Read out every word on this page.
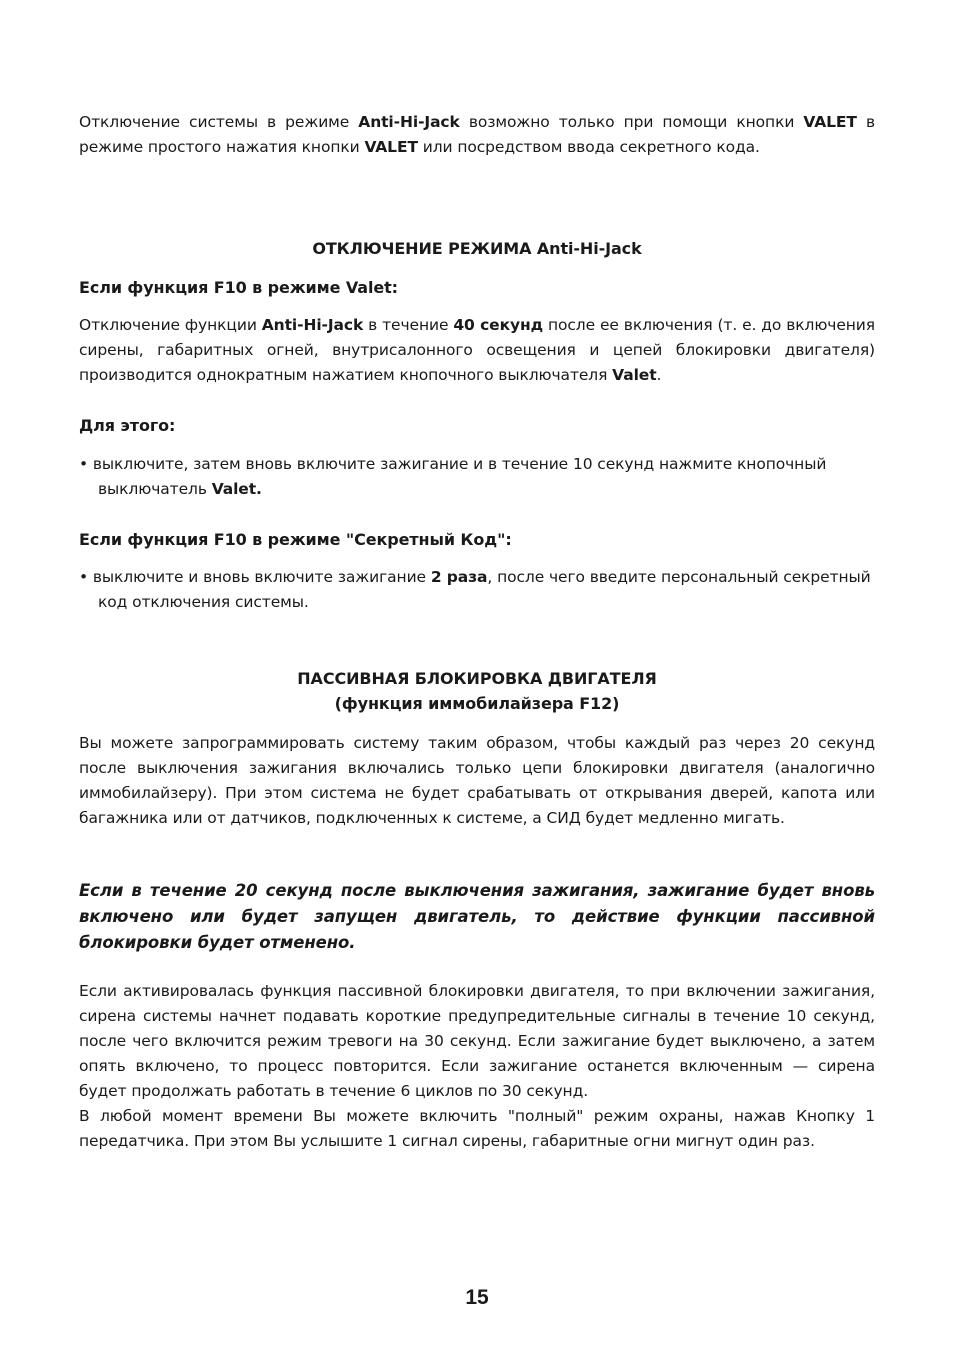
Отключение системы в режиме Anti-Hi-Jack возможно только при помощи кнопки VALET в режиме простого нажатия кнопки VALET или посредством ввода секретного кода.
ОТКЛЮЧЕНИЕ РЕЖИМА Anti-Hi-Jack
Если функция F10 в режиме Valet:
Отключение функции Anti-Hi-Jack в течение 40 секунд после ее включения (т. е. до включения сирены, габаритных огней, внутрисалонного освещения и цепей блокировки двигателя) производится однократным нажатием кнопочного выключателя Valet.
Для этого:
• выключите, затем вновь включите зажигание и в течение 10 секунд нажмите кнопочный выключатель Valet.
Если функция F10 в режиме "Секретный Код":
• выключите и вновь включите зажигание 2 раза, после чего введите персональный секретный код отключения системы.
ПАССИВНАЯ БЛОКИРОВКА ДВИГАТЕЛЯ
(функция иммобилайзера F12)
Вы можете запрограммировать систему таким образом, чтобы каждый раз через 20 секунд после выключения зажигания включались только цепи блокировки двигателя (аналогично иммобилайзеру). При этом система не будет срабатывать от открывания дверей, капота или багажника или от датчиков, подключенных к системе, а СИД будет медленно мигать.
Если в течение 20 секунд после выключения зажигания, зажигание будет вновь включено или будет запущен двигатель, то действие функции пассивной блокировки будет отменено.
Если активировалась функция пассивной блокировки двигателя, то при включении зажигания, сирена системы начнет подавать короткие предупредительные сигналы в течение 10 секунд, после чего включится режим тревоги на 30 секунд. Если зажигание будет выключено, а затем опять включено, то процесс повторится. Если зажигание останется включенным — сирена будет продолжать работать в течение 6 циклов по 30 секунд.
В любой момент времени Вы можете включить "полный" режим охраны, нажав Кнопку 1 передатчика. При этом Вы услышите 1 сигнал сирены, габаритные огни мигнут один раз.
15
